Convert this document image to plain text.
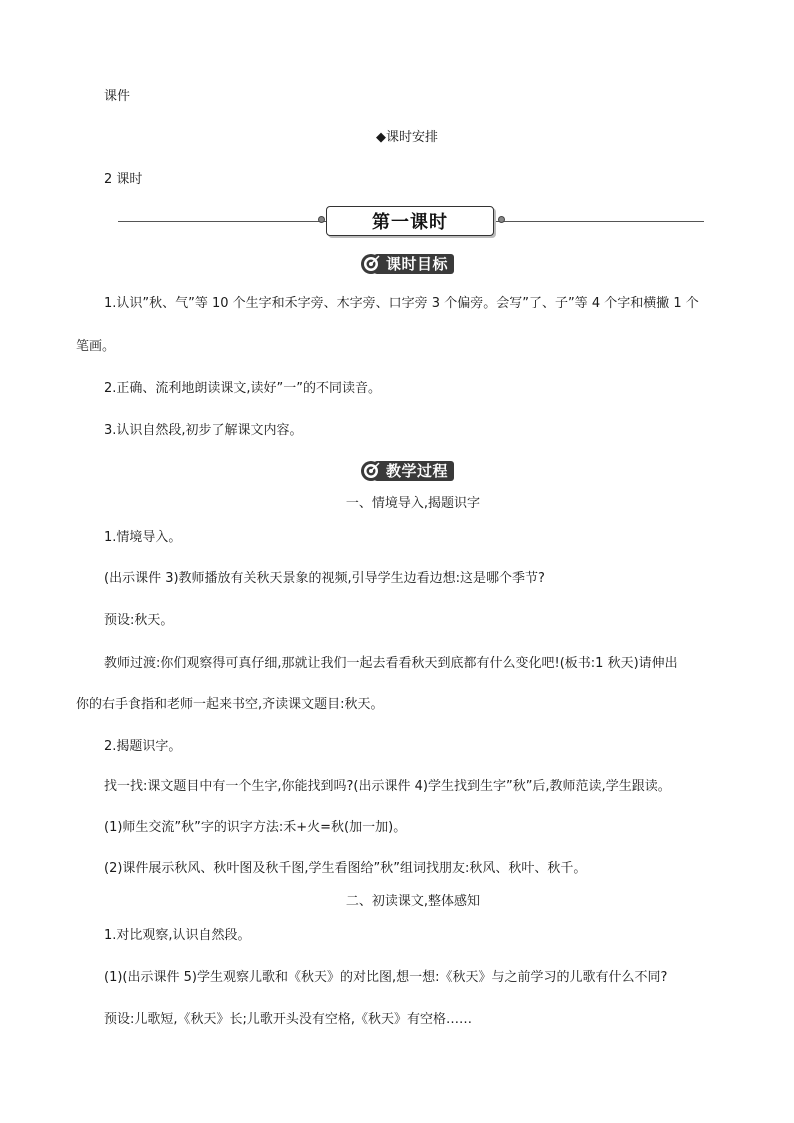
课件
◆课时安排
2 课时
第一课时
课时目标
1.认识”秋、气”等 10 个生字和禾字旁、木字旁、口字旁 3 个偏旁。会写”了、子”等 4 个字和横撇 1 个
笔画。
2.正确、流利地朗读课文,读好”一”的不同读音。
3.认识自然段,初步了解课文内容。
教学过程
一、情境导入,揭题识字
1.情境导入。
(出示课件 3)教师播放有关秋天景象的视频,引导学生边看边想:这是哪个季节?
预设:秋天。
教师过渡:你们观察得可真仔细,那就让我们一起去看看秋天到底都有什么变化吧!(板书:1 秋天)请伸出
你的右手食指和老师一起来书空,齐读课文题目:秋天。
2.揭题识字。
找一找:课文题目中有一个生字,你能找到吗?(出示课件 4)学生找到生字”秋”后,教师范读,学生跟读。
(1)师生交流”秋”字的识字方法:禾+火=秋(加一加)。
(2)课件展示秋风、秋叶图及秋千图,学生看图给”秋”组词找朋友:秋风、秋叶、秋千。
二、初读课文,整体感知
1.对比观察,认识自然段。
(1)(出示课件 5)学生观察儿歌和《秋天》的对比图,想一想:《秋天》与之前学习的儿歌有什么不同?
预设:儿歌短,《秋天》长;儿歌开头没有空格,《秋天》有空格……
